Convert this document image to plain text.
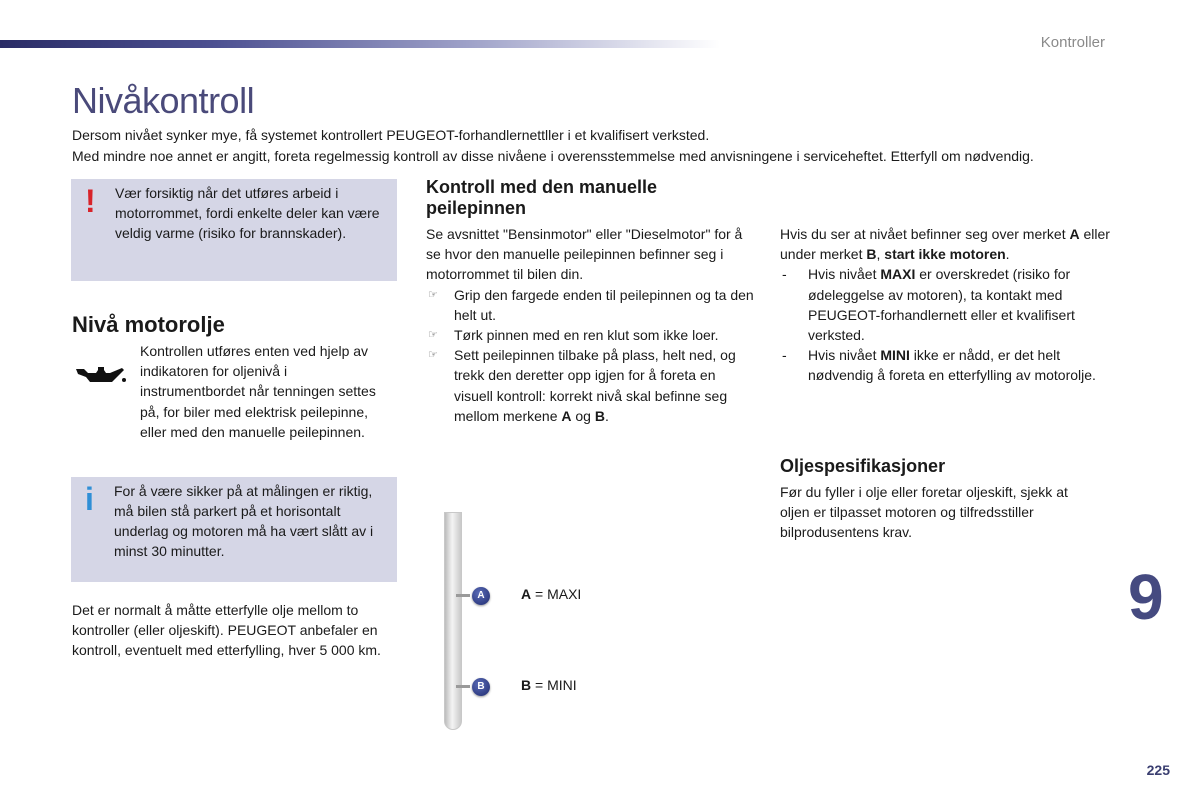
Kontroller
Nivåkontroll

Dersom nivået synker mye, få systemet kontrollert PEUGEOT-forhandlernettller i et kvalifisert verksted.

Med mindre noe annet er angitt, foreta regelmessig kontroll av disse nivåene i overensstemmelse med anvisningene i serviceheftet. Etterfyll om nødvendig.

! Vær forsiktig når det utføres arbeid i motorrommet, fordi enkelte deler kan være veldig varme (risiko for brannskader).

Nivå motorolje

Kontrollen utføres enten ved hjelp av indikatoren for oljenivå i instrumentbordet når tenningen settes på, for biler med elektrisk peilepinne, eller med den manuelle peilepinnen.

i For å være sikker på at målingen er riktig, må bilen stå parkert på et horisontalt underlag og motoren må ha vært slått av i minst 30 minutter.

Det er normalt å måtte etterfylle olje mellom to kontroller (eller oljeskift). PEUGEOT anbefaler en kontroll, eventuelt med etterfylling, hver 5 000 km.

Kontroll med den manuelle peilepinnen

Se avsnittet "Bensinmotor" eller "Dieselmotor" for å se hvor den manuelle peilepinnen befinner seg i motorrommet til bilen din.

☞ Grip den fargede enden til peilepinnen og ta den helt ut.
☞ Tørk pinnen med en ren klut som ikke loer.
☞ Sett peilepinnen tilbake på plass, helt ned, og trekk den deretter opp igjen for å foreta en visuell kontroll: korrekt nivå skal befinne seg mellom merkene A og B.

Hvis du ser at nivået befinner seg over merket A eller under merket B, start ikke motoren.

- Hvis nivået MAXI er overskredet (risiko for ødeleggelse av motoren), ta kontakt med PEUGEOT-forhandlernett eller et kvalifisert verksted.
- Hvis nivået MINI ikke er nådd, er det helt nødvendig å foreta en etterfylling av motorolje.
Oljespesifikasjoner

Før du fyller i olje eller foretar oljeskift, sjekk at oljen er tilpasset motoren og tilfredsstiller bilprodusentens krav.

A
B
A = MAXI
B = MINI
9
225
